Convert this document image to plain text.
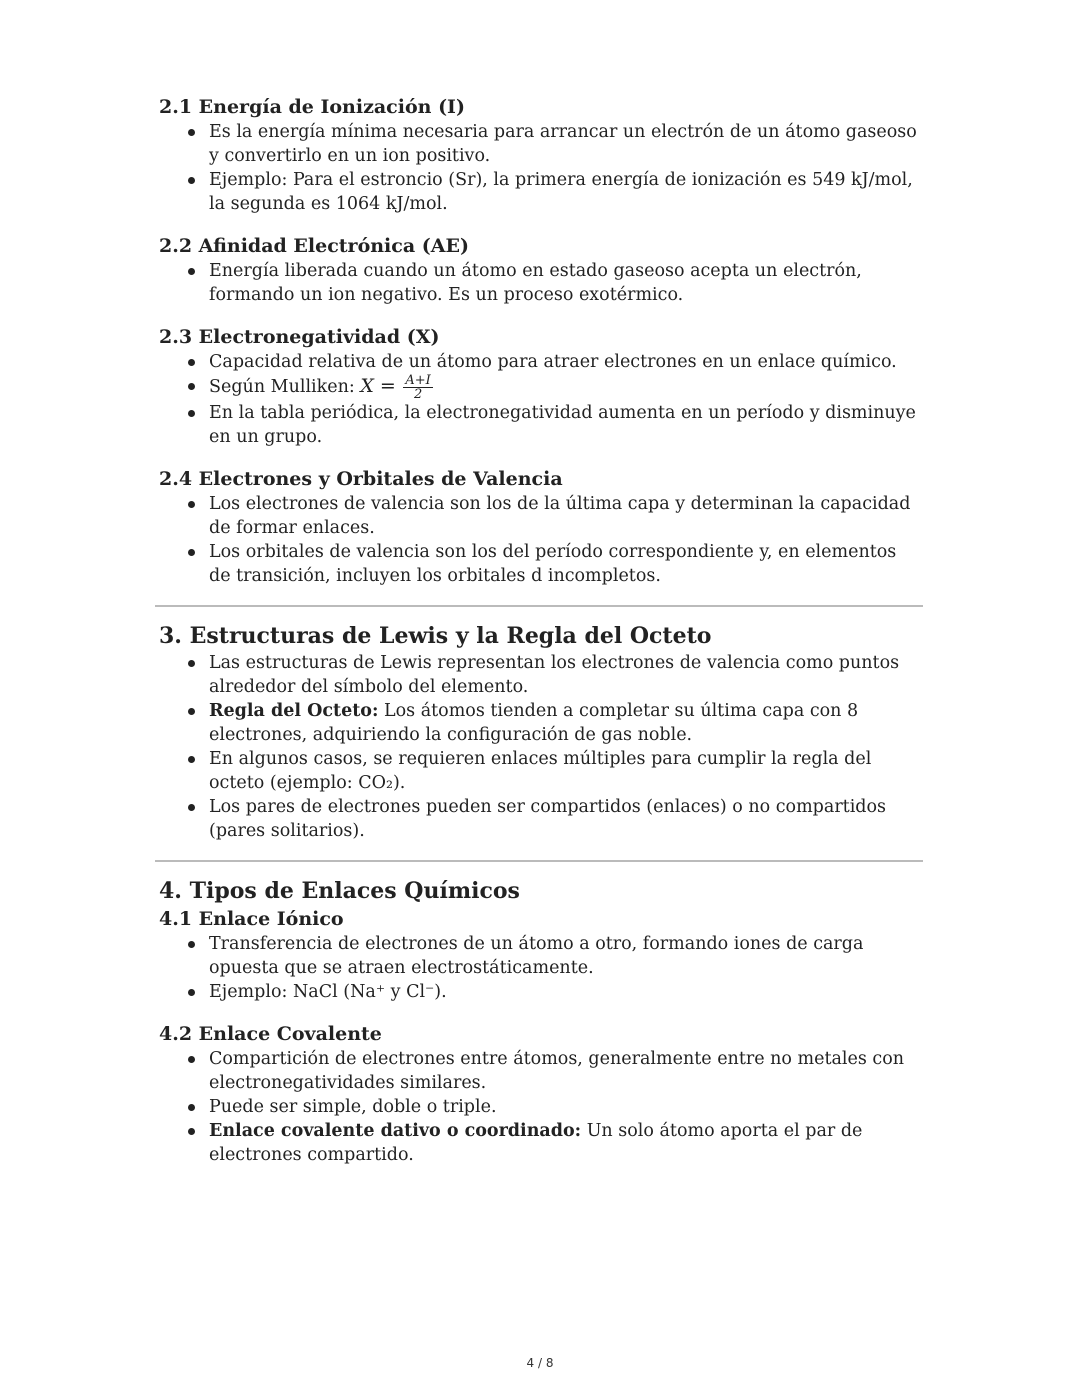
2.1 Energía de Ionización (I)
Es la energía mínima necesaria para arrancar un electrón de un átomo gaseoso y convertirlo en un ion positivo.
Ejemplo: Para el estroncio (Sr), la primera energía de ionización es 549 kJ/mol, la segunda es 1064 kJ/mol.
2.2 Afinidad Electrónica (AE)
Energía liberada cuando un átomo en estado gaseoso acepta un electrón, formando un ion negativo. Es un proceso exotérmico.
2.3 Electronegatividad (X)
Capacidad relativa de un átomo para atraer electrones en un enlace químico.
Según Mulliken: $X = \frac{A+I}{2}$
En la tabla periódica, la electronegatividad aumenta en un período y disminuye en un grupo.
2.4 Electrones y Orbitales de Valencia
Los electrones de valencia son los de la última capa y determinan la capacidad de formar enlaces.
Los orbitales de valencia son los del período correspondiente y, en elementos de transición, incluyen los orbitales d incompletos.
3. Estructuras de Lewis y la Regla del Octeto
Las estructuras de Lewis representan los electrones de valencia como puntos alrededor del símbolo del elemento.
Regla del Octeto: Los átomos tienden a completar su última capa con 8 electrones, adquiriendo la configuración de gas noble.
En algunos casos, se requieren enlaces múltiples para cumplir la regla del octeto (ejemplo: CO₂).
Los pares de electrones pueden ser compartidos (enlaces) o no compartidos (pares solitarios).
4. Tipos de Enlaces Químicos
4.1 Enlace Iónico
Transferencia de electrones de un átomo a otro, formando iones de carga opuesta que se atraen electrostáticamente.
Ejemplo: NaCl (Na⁺ y Cl⁻).
4.2 Enlace Covalente
Compartición de electrones entre átomos, generalmente entre no metales con electronegatividades similares.
Puede ser simple, doble o triple.
Enlace covalente dativo o coordinado: Un solo átomo aporta el par de electrones compartido.
4 / 8
